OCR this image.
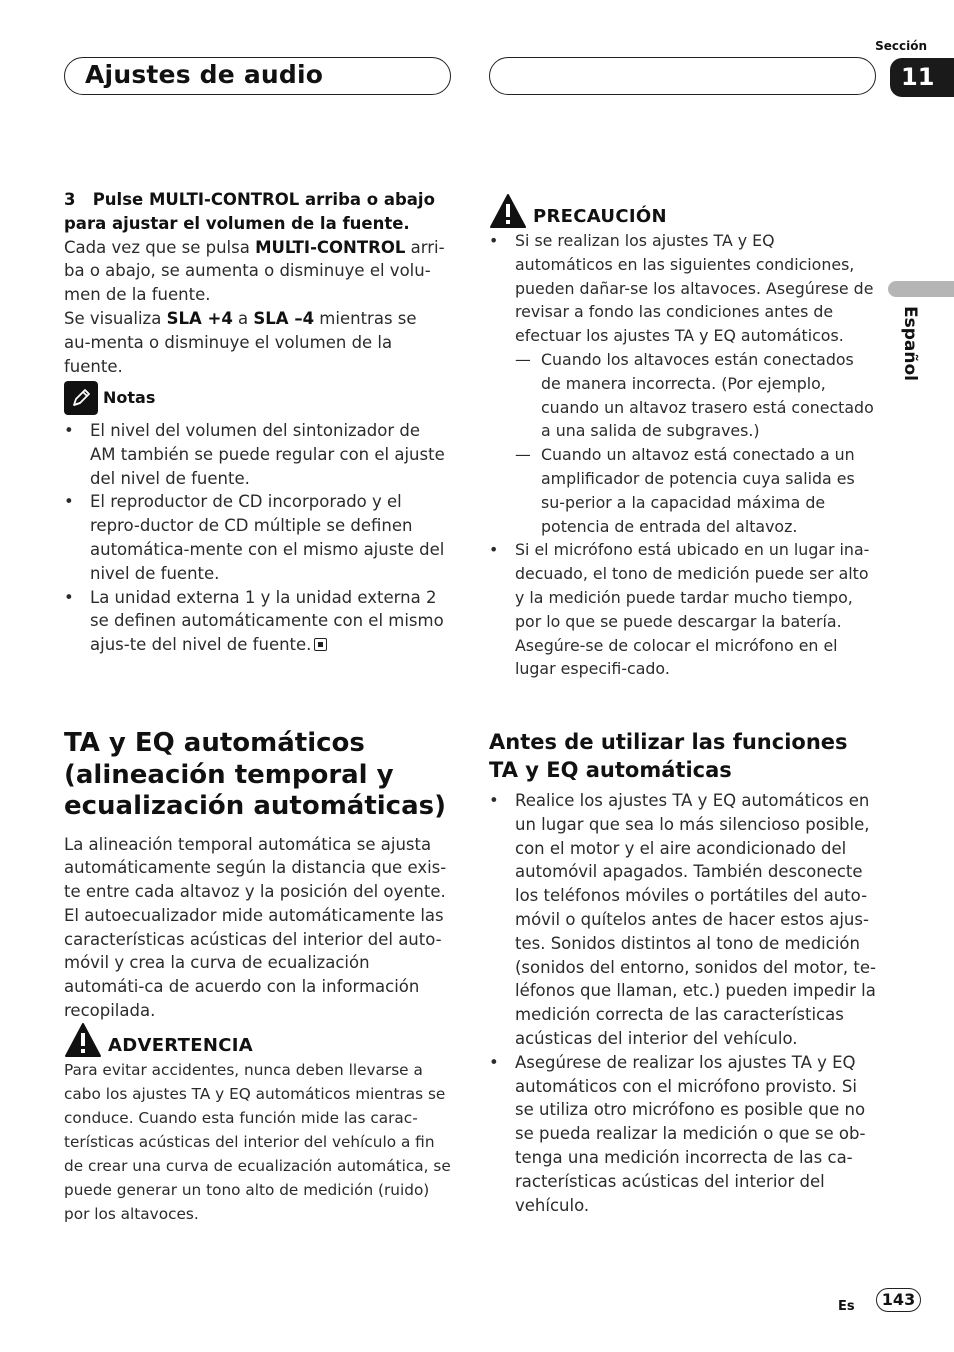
Ajustes de audio
Sección
11
Español

3 Pulse MULTI-CONTROL arriba o abajo para ajustar el volumen de la fuente.

Cada vez que se pulsa MULTI-CONTROL arri-ba o abajo, se aumenta o disminuye el volu-men de la fuente.

Se visualiza SLA +4 a SLA –4 mientras se au-menta o disminuye el volumen de la fuente.

Notas
• El nivel del volumen del sintonizador de AM también se puede regular con el ajuste del nivel de fuente.
• El reproductor de CD incorporado y el repro-ductor de CD múltiple se definen automática-mente con el mismo ajuste del nivel de fuente.
• La unidad externa 1 y la unidad externa 2 se definen automáticamente con el mismo ajus-te del nivel de fuente.
TA y EQ automáticos (alineación temporal y ecualización automáticas)

La alineación temporal automática se ajusta automáticamente según la distancia que exis-te entre cada altavoz y la posición del oyente. El autoecualizador mide automáticamente las características acústicas del interior del auto-móvil y crea la curva de ecualización automáti-ca de acuerdo con la información recopilada.

ADVERTENCIA

Para evitar accidentes, nunca deben llevarse a cabo los ajustes TA y EQ automáticos mientras se conduce. Cuando esta función mide las carac-terísticas acústicas del interior del vehículo a fin de crear una curva de ecualización automática, se puede generar un tono alto de medición (ruido) por los altavoces.

PRECAUCIÓN
• Si se realizan los ajustes TA y EQ automáticos en las siguientes condiciones, pueden dañar-se los altavoces. Asegúrese de revisar a fondo las condiciones antes de efectuar los ajustes TA y EQ automáticos.
— Cuando los altavoces están conectados de manera incorrecta. (Por ejemplo, cuando un altavoz trasero está conectado a una salida de subgraves.)
— Cuando un altavoz está conectado a un amplificador de potencia cuya salida es su-perior a la capacidad máxima de potencia de entrada del altavoz.
• Si el micrófono está ubicado en un lugar ina-decuado, el tono de medición puede ser alto y la medición puede tardar mucho tiempo, por lo que se puede descargar la batería. Asegúre-se de colocar el micrófono en el lugar especifi-cado.
Antes de utilizar las funciones TA y EQ automáticas
• Realice los ajustes TA y EQ automáticos en un lugar que sea lo más silencioso posible, con el motor y el aire acondicionado del automóvil apagados. También desconecte los teléfonos móviles o portátiles del auto-móvil o quítelos antes de hacer estos ajus-tes. Sonidos distintos al tono de medición (sonidos del entorno, sonidos del motor, te-léfonos que llaman, etc.) pueden impedir la medición correcta de las características acústicas del interior del vehículo.
• Asegúrese de realizar los ajustes TA y EQ automáticos con el micrófono provisto. Si se utiliza otro micrófono es posible que no se pueda realizar la medición o que se ob-tenga una medición incorrecta de las ca-racterísticas acústicas del interior del vehículo.
Es	143
